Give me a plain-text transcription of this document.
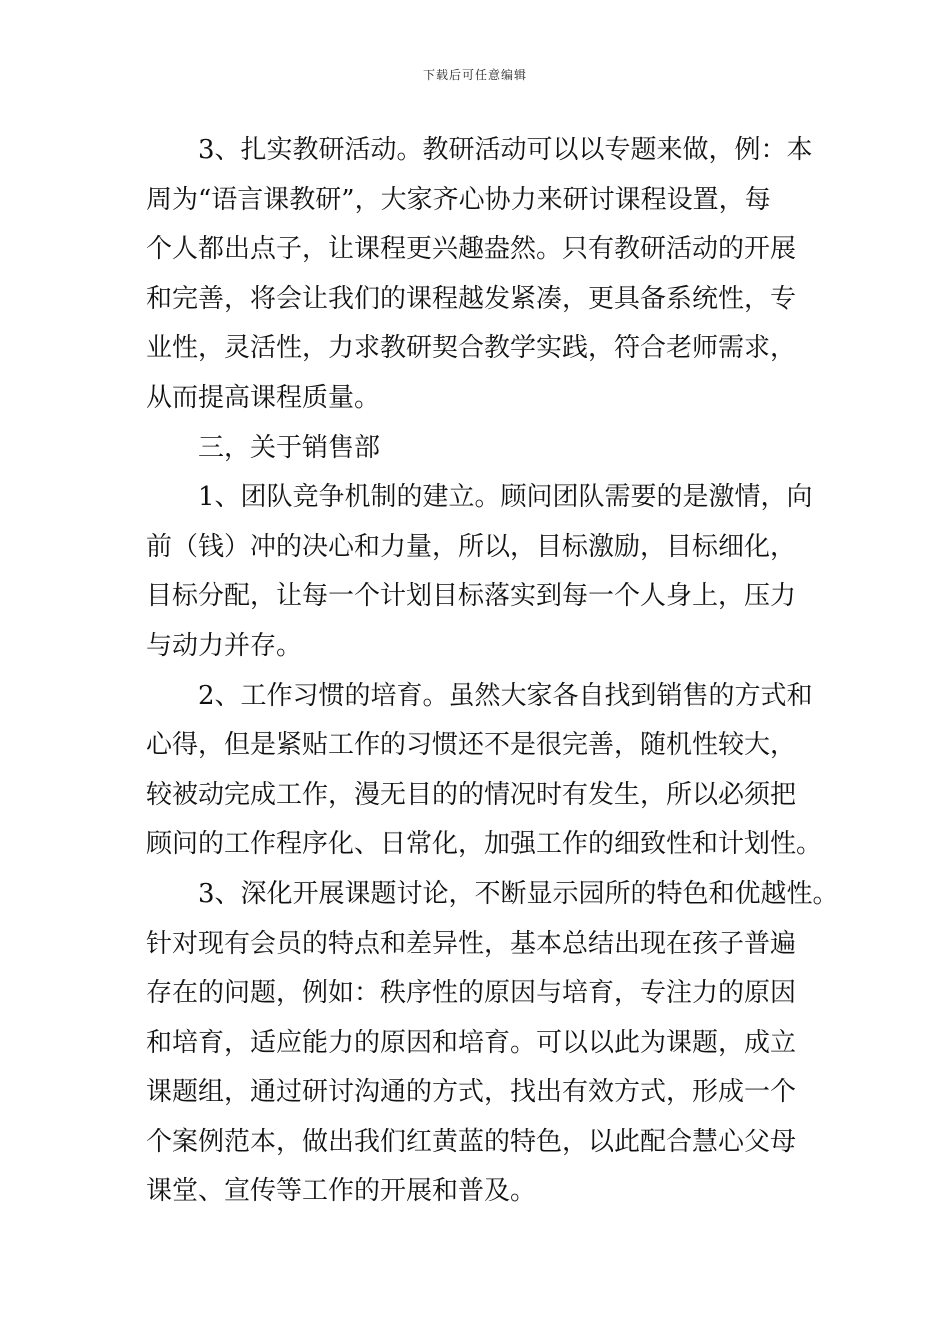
下载后可任意编辑
3、扎实教研活动。教研活动可以以专题来做，例：本
周为“语言课教研”，大家齐心协力来研讨课程设置，每
个人都出点子，让课程更兴趣盎然。只有教研活动的开展
和完善，将会让我们的课程越发紧凑，更具备系统性，专
业性，灵活性，力求教研契合教学实践，符合老师需求，
从而提高课程质量。
三，关于销售部
1、团队竞争机制的建立。顾问团队需要的是激情，向
前（钱）冲的决心和力量，所以，目标激励，目标细化，
目标分配，让每一个计划目标落实到每一个人身上，压力
与动力并存。
2、工作习惯的培育。虽然大家各自找到销售的方式和
心得，但是紧贴工作的习惯还不是很完善，随机性较大，
较被动完成工作，漫无目的的情况时有发生，所以必须把
顾问的工作程序化、日常化，加强工作的细致性和计划性。
3、深化开展课题讨论，不断显示园所的特色和优越性。
针对现有会员的特点和差异性，基本总结出现在孩子普遍
存在的问题，例如：秩序性的原因与培育，专注力的原因
和培育，适应能力的原因和培育。可以以此为课题，成立
课题组，通过研讨沟通的方式，找出有效方式，形成一个
个案例范本，做出我们红黄蓝的特色，以此配合慧心父母
课堂、宣传等工作的开展和普及。
